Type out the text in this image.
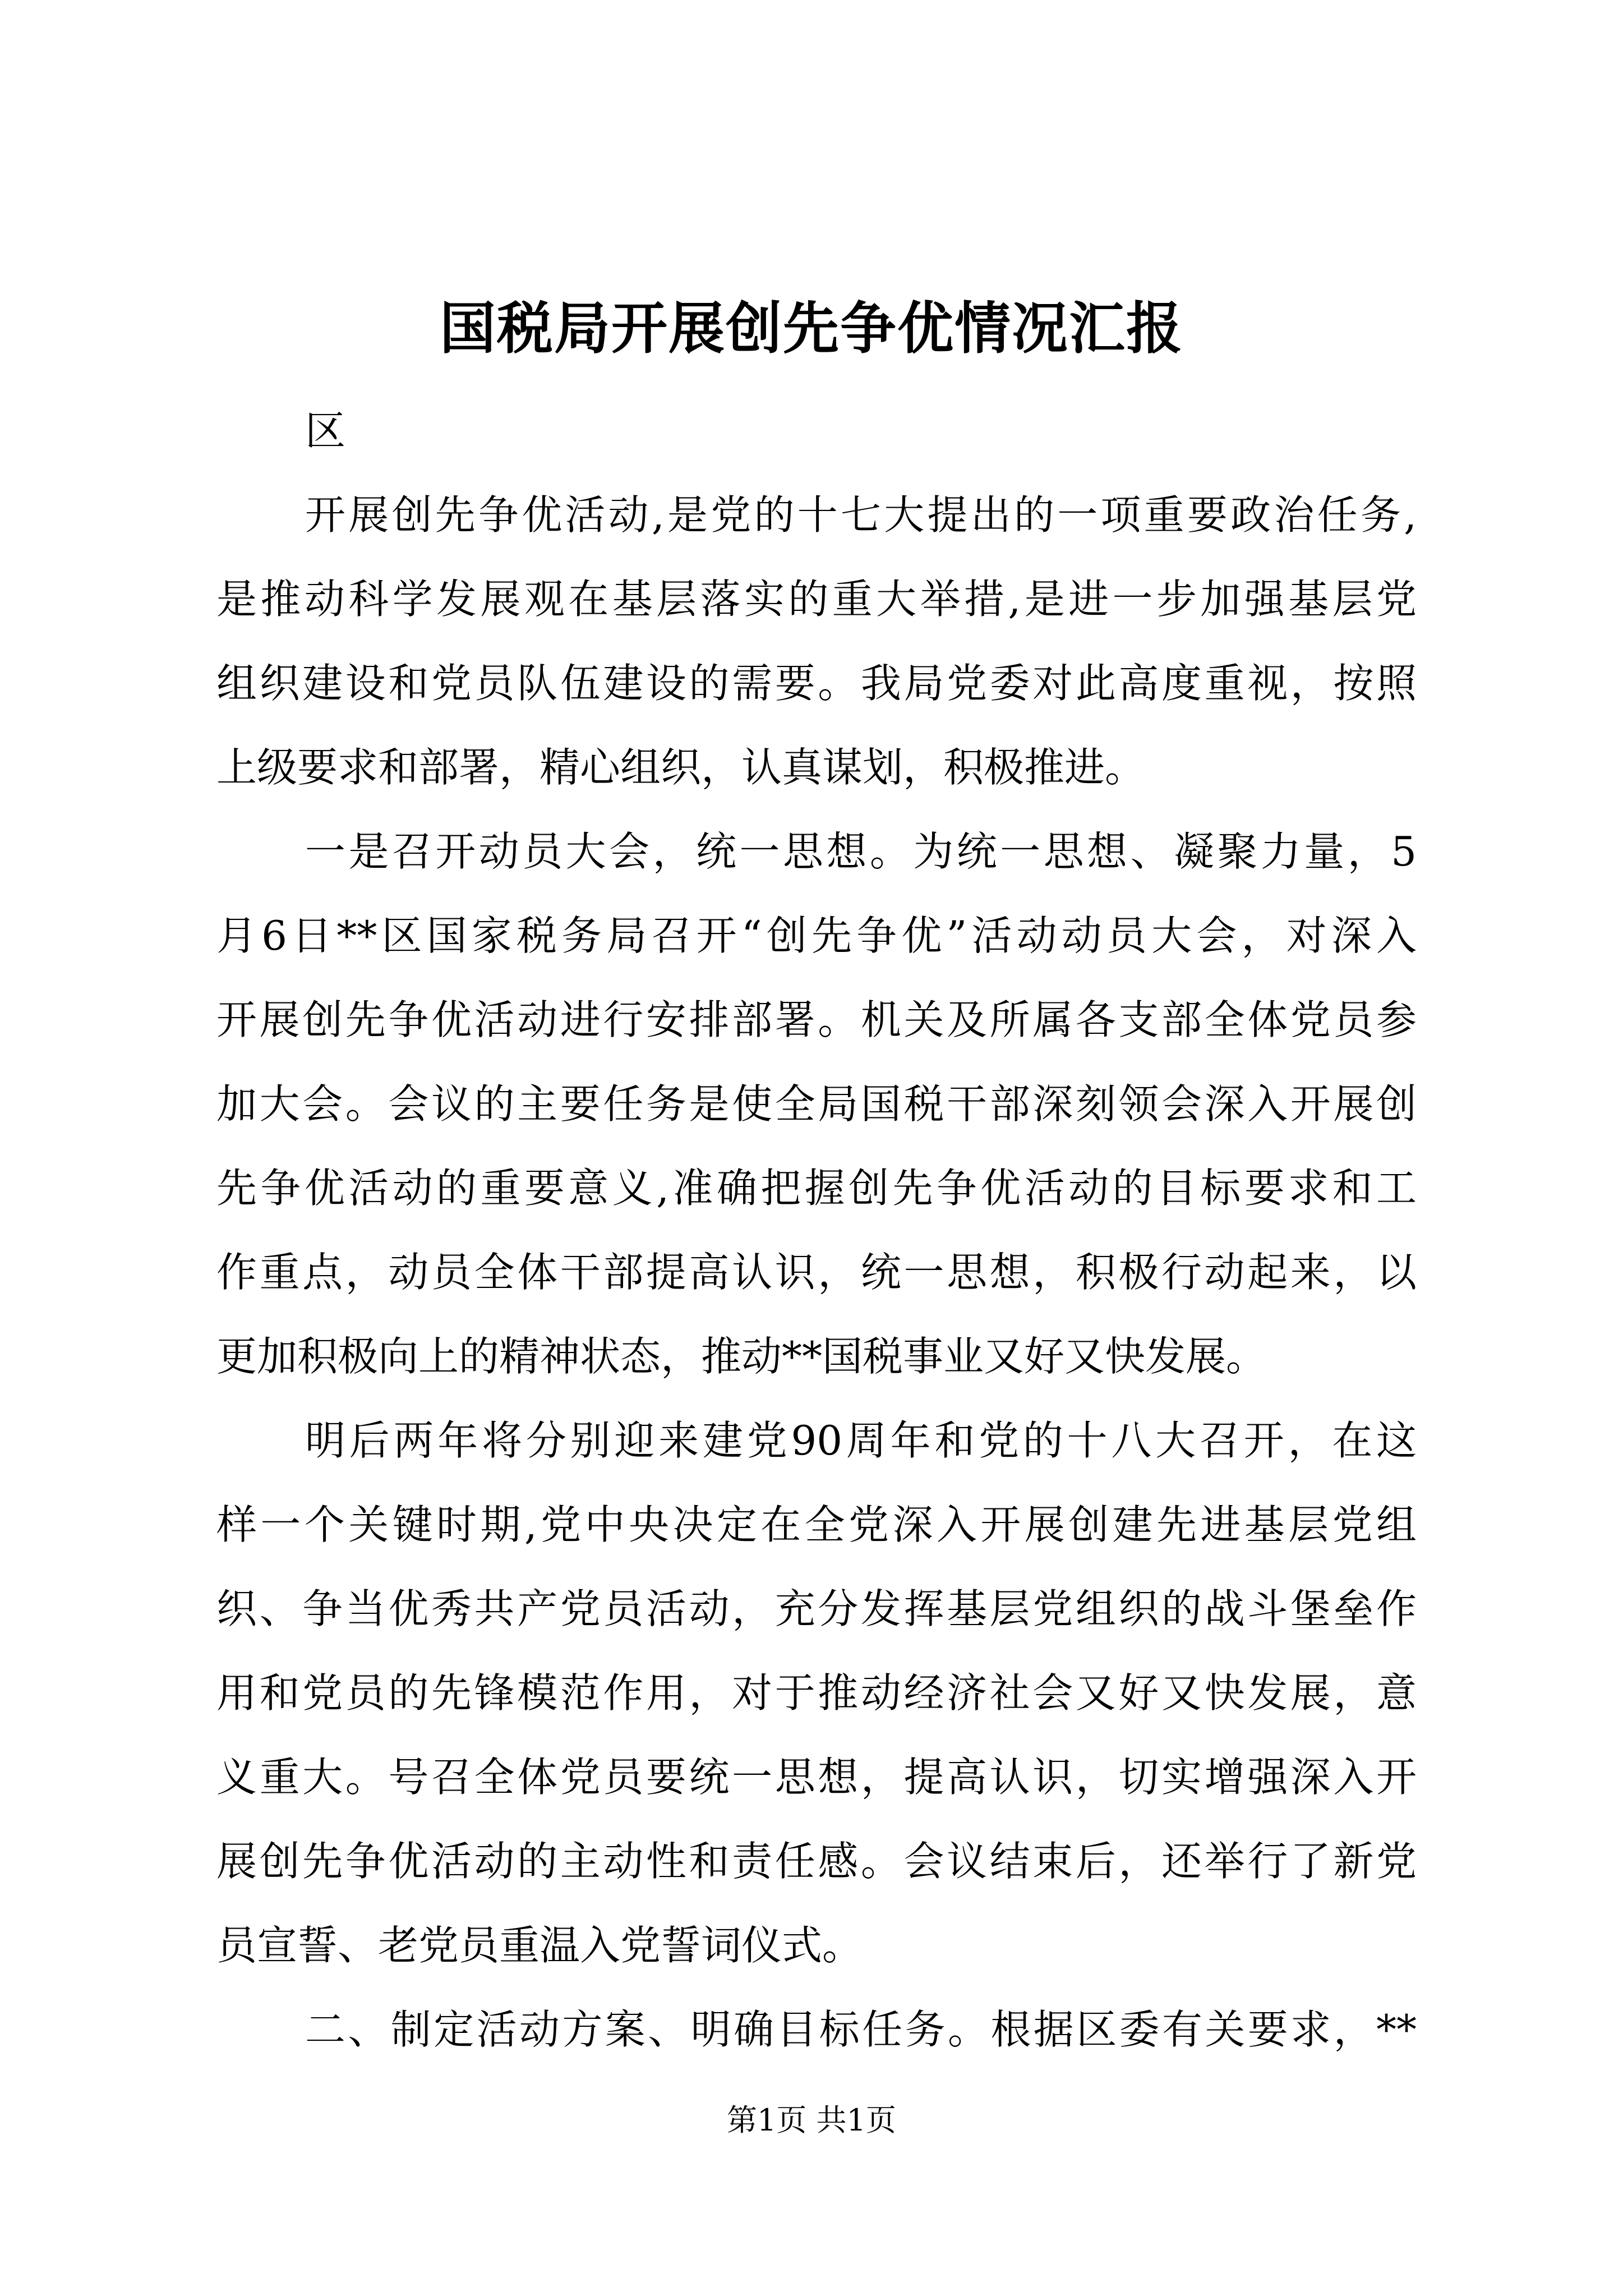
国税局开展创先争优情况汇报
区
开展创先争优活动,是党的十七大提出的一项重要政治任务,
是推动科学发展观在基层落实的重大举措,是进一步加强基层党
组织建设和党员队伍建设的需要。我局党委对此高度重视，按照
上级要求和部署，精心组织，认真谋划，积极推进。
一是召开动员大会，统一思想。为统一思想、凝聚力量，5
月6日**区国家税务局召开“创先争优”活动动员大会，对深入
开展创先争优活动进行安排部署。机关及所属各支部全体党员参
加大会。会议的主要任务是使全局国税干部深刻领会深入开展创
先争优活动的重要意义,准确把握创先争优活动的目标要求和工
作重点，动员全体干部提高认识，统一思想，积极行动起来，以
更加积极向上的精神状态，推动**国税事业又好又快发展。
明后两年将分别迎来建党90周年和党的十八大召开，在这
样一个关键时期,党中央决定在全党深入开展创建先进基层党组
织、争当优秀共产党员活动，充分发挥基层党组织的战斗堡垒作
用和党员的先锋模范作用，对于推动经济社会又好又快发展，意
义重大。号召全体党员要统一思想，提高认识，切实增强深入开
展创先争优活动的主动性和责任感。会议结束后，还举行了新党
员宣誓、老党员重温入党誓词仪式。
二、制定活动方案、明确目标任务。根据区委有关要求，**
第1页 共1页
